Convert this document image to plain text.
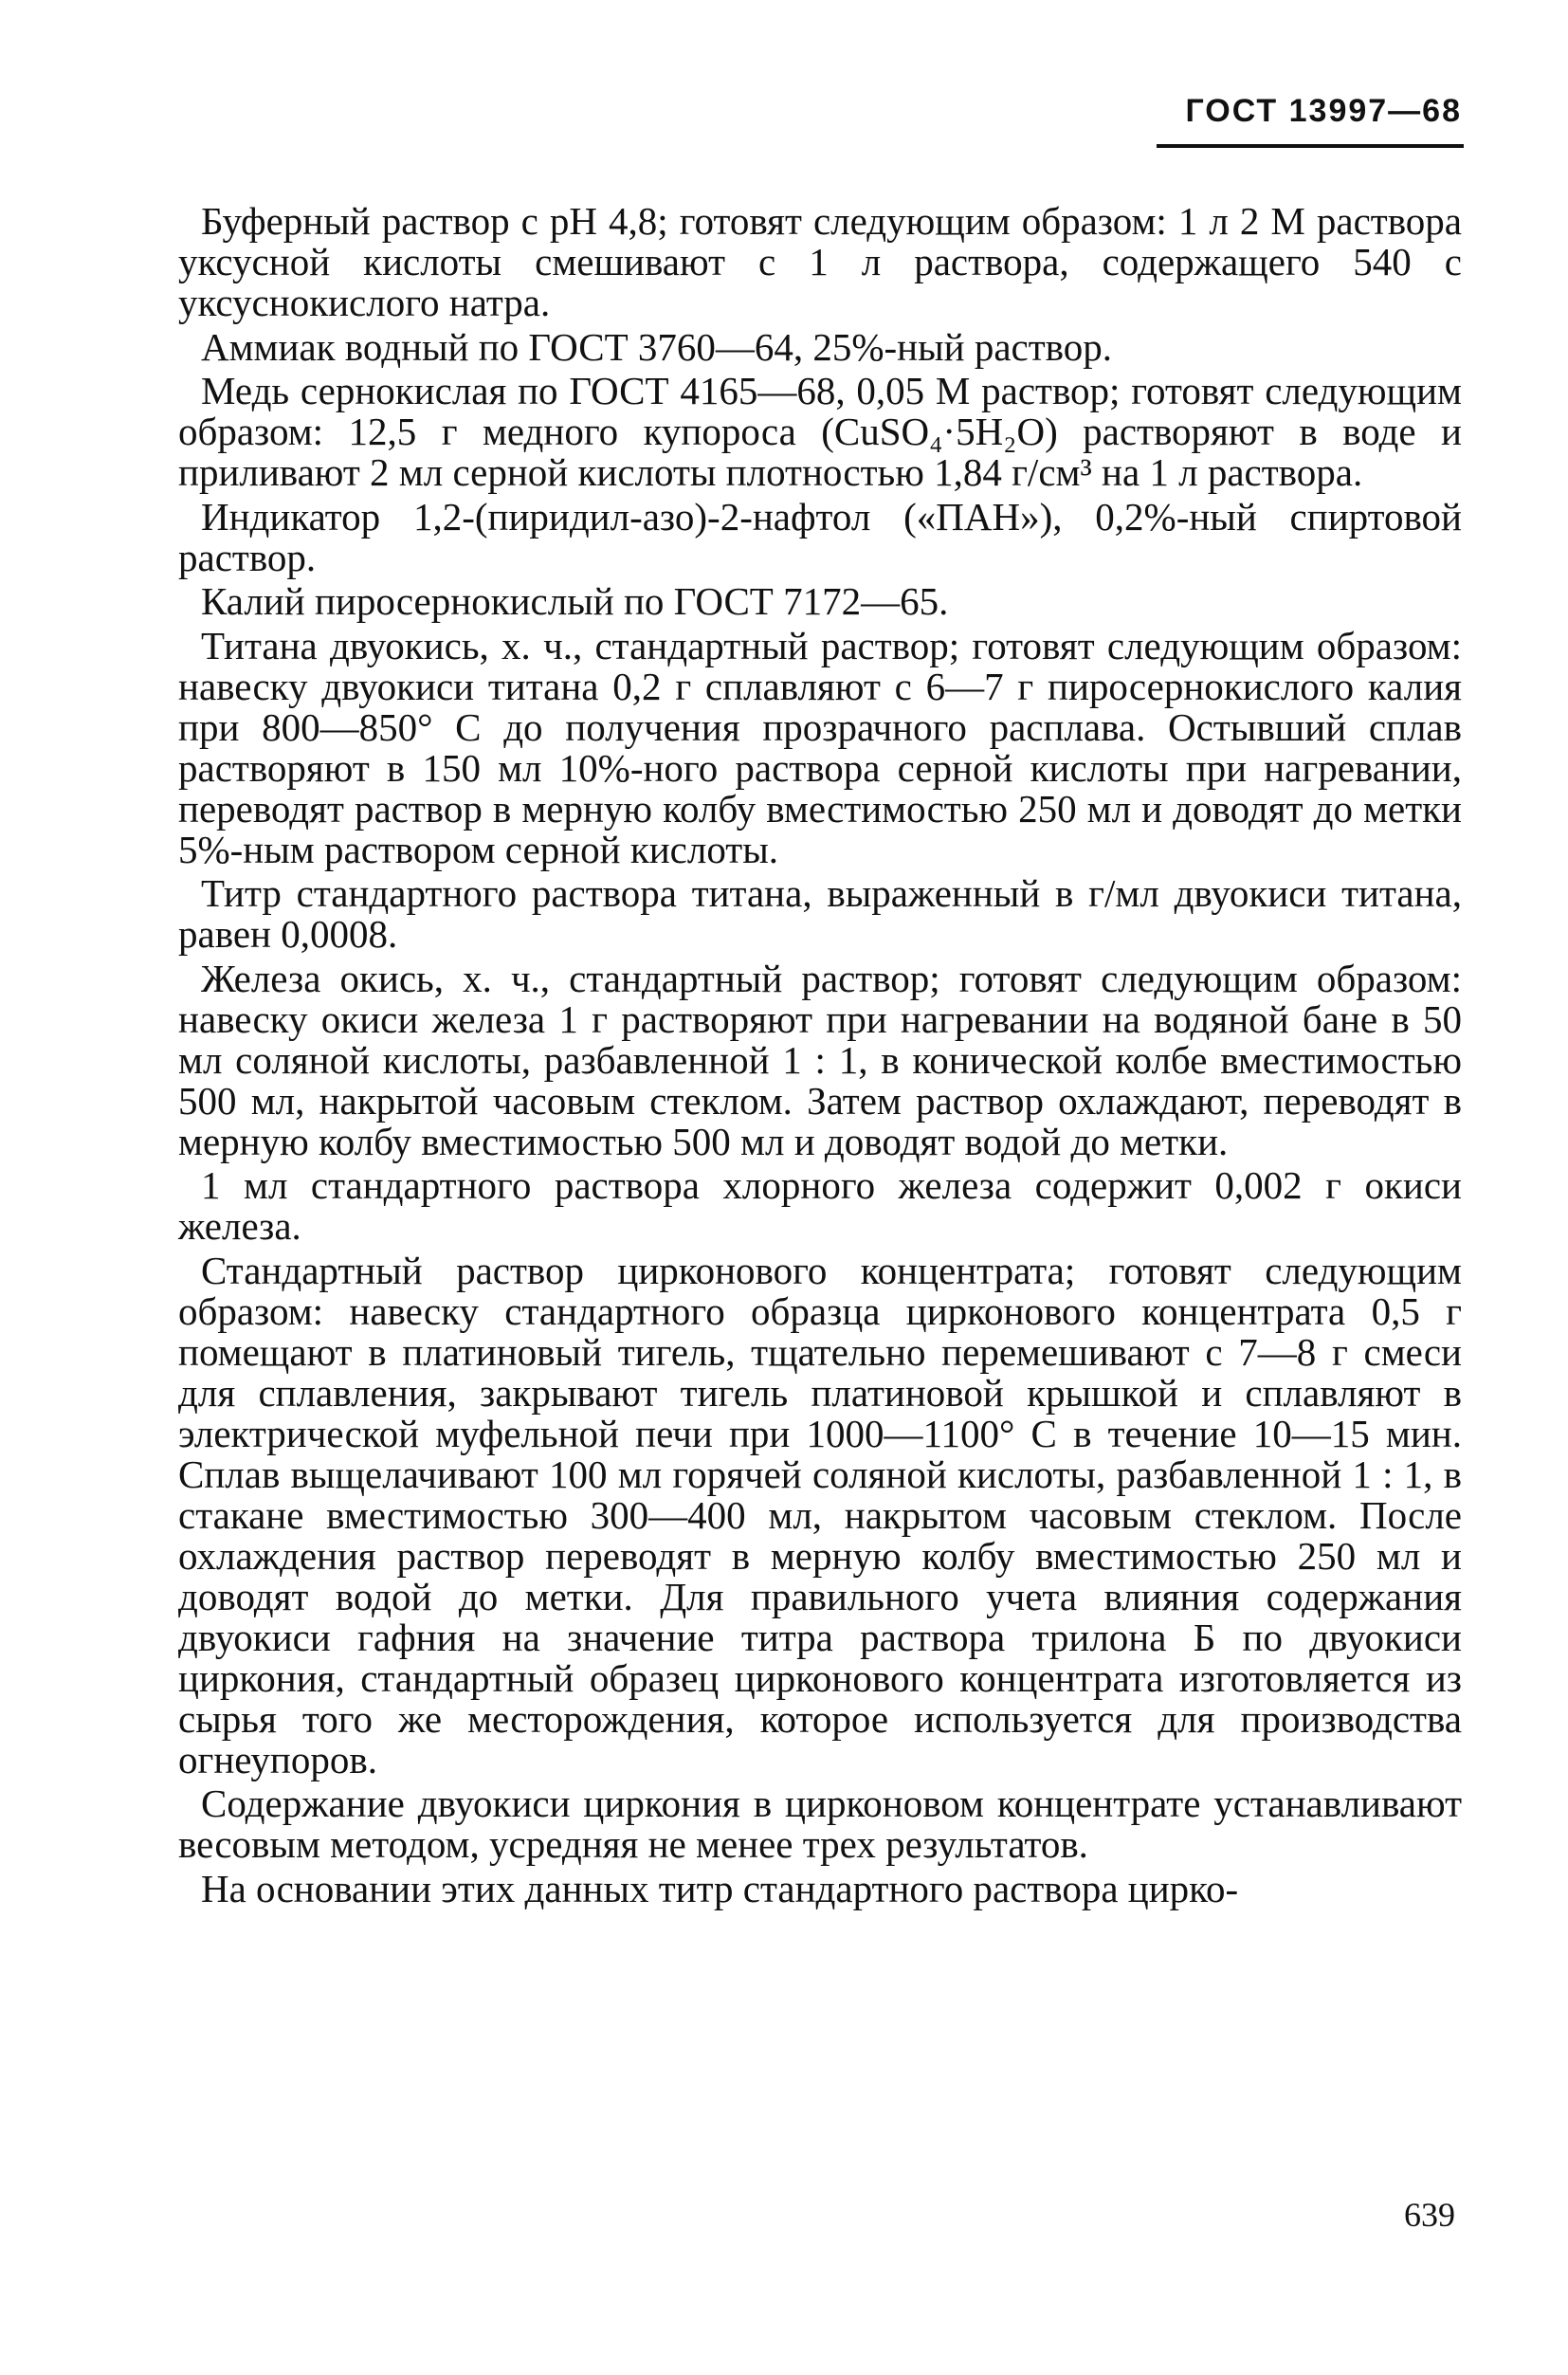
ГОСТ 13997—68

Буферный раствор с pH 4,8; готовят следующим образом: 1 л 2 М раствора уксусной кислоты смешивают с 1 л раствора, содержащего 540 с уксуснокислого натра.

Аммиак водный по ГОСТ 3760—64, 25%-ный раствор.

Медь сернокислая по ГОСТ 4165—68, 0,05 М раствор; готовят следующим образом: 12,5 г медного купороса (CuSO₄·5H₂O) растворяют в воде и приливают 2 мл серной кислоты плотностью 1,84 г/см³ на 1 л раствора.

Индикатор 1,2-(пиридил-азо)-2-нафтол («ПАН»), 0,2%-ный спиртовой раствор.

Калий пиросернокислый по ГОСТ 7172—65.

Титана двуокись, х. ч., стандартный раствор; готовят следующим образом: навеску двуокиси титана 0,2 г сплавляют с 6—7 г пиросернокислого калия при 800—850° С до получения прозрачного расплава. Остывший сплав растворяют в 150 мл 10%-ного раствора серной кислоты при нагревании, переводят раствор в мерную колбу вместимостью 250 мл и доводят до метки 5%-ным раствором серной кислоты.

Титр стандартного раствора титана, выраженный в г/мл двуокиси титана, равен 0,0008.

Железа окись, х. ч., стандартный раствор; готовят следующим образом: навеску окиси железа 1 г растворяют при нагревании на водяной бане в 50 мл соляной кислоты, разбавленной 1 : 1, в конической колбе вместимостью 500 мл, накрытой часовым стеклом. Затем раствор охлаждают, переводят в мерную колбу вместимостью 500 мл и доводят водой до метки.

1 мл стандартного раствора хлорного железа содержит 0,002 г окиси железа.

Стандартный раствор цирконового концентрата; готовят следующим образом: навеску стандартного образца цирконового концентрата 0,5 г помещают в платиновый тигель, тщательно перемешивают с 7—8 г смеси для сплавления, закрывают тигель платиновой крышкой и сплавляют в электрической муфельной печи при 1000—1100° С в течение 10—15 мин. Сплав выщелачивают 100 мл горячей соляной кислоты, разбавленной 1 : 1, в стакане вместимостью 300—400 мл, накрытом часовым стеклом. После охлаждения раствор переводят в мерную колбу вместимостью 250 мл и доводят водой до метки. Для правильного учета влияния содержания двуокиси гафния на значение титра раствора трилона Б по двуокиси циркония, стандартный образец цирконового концентрата изготовляется из сырья того же месторождения, которое используется для производства огнеупоров.

Содержание двуокиси циркония в цирконовом концентрате устанавливают весовым методом, усредняя не менее трех результатов.

На основании этих данных титр стандартного раствора цирко-

639
